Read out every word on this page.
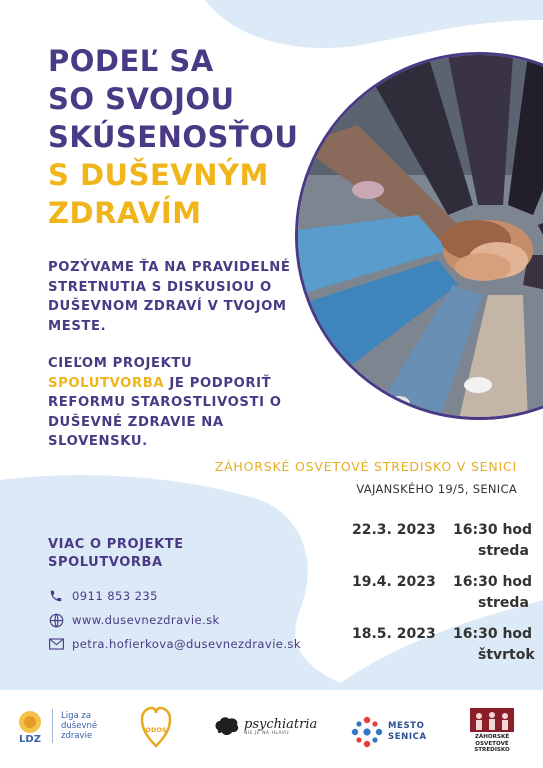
PODEĽ SA
SO SVOJOU
SKÚSENOSŤOU
S DUŠEVNÝM
ZDRAVÍM

POZÝVAME ŤA NA PRAVIDELNÉ STRETNUTIA S DISKUSIOU O DUŠEVNOM ZDRAVÍ V TVOJOM MESTE.

CIEĽOM PROJEKTU SPOLUTVORBA JE PODPORIŤ REFORMU STAROSTLIVOSTI O DUŠEVNÉ ZDRAVIE NA SLOVENSKU.

ZÁHORSKÉ OSVETOVÉ STREDISKO V SENICI
VAJANSKÉHO 19/5, SENICA
VIAC O PROJEKTE
SPOLUTVORBA
0911 853 235
www.dusevnezdravie.sk
petra.hofierkova@dusevnezdravie.sk
22.3. 2023 16:30 hod
streda
19.4. 2023 16:30 hod
streda
18.5. 2023 16:30 hod
štvrtok
LDZ
Liga za
duševné
zdravie
ODOS	psychiatria
NIE JE NA HLAVU
MESTO
SENICA	ZÁHORSKÉ
OSVETOVÉ
STREDISKO
